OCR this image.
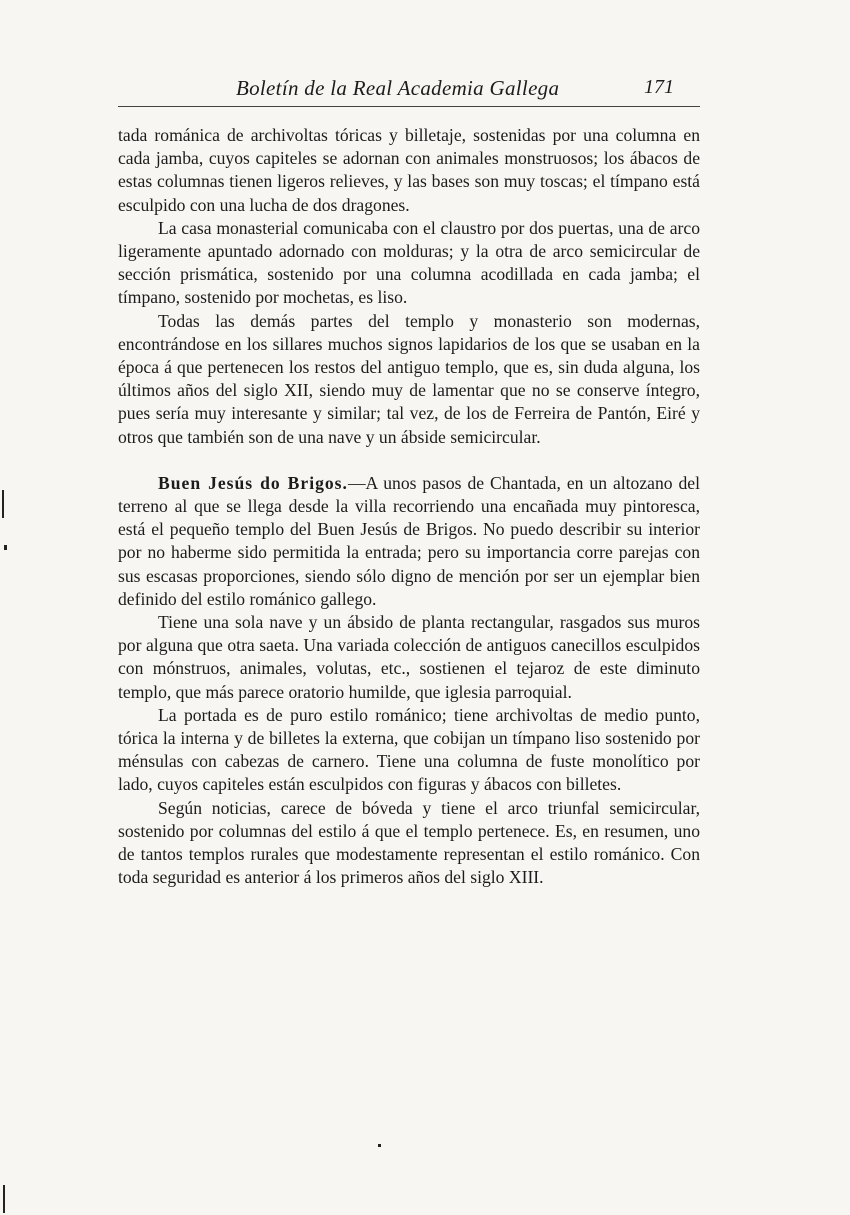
Boletín de la Real Academia Gallega	171

tada románica de archivoltas tóricas y billetaje, sostenidas por una columna en cada jamba, cuyos capiteles se adornan con animales monstruosos; los ábacos de estas columnas tienen ligeros relieves, y las bases son muy toscas; el tímpano está esculpido con una lucha de dos dragones.

La casa monasterial comunicaba con el claustro por dos puertas, una de arco ligeramente apuntado adornado con molduras; y la otra de arco semicircular de sección prismática, sostenido por una columna acodillada en cada jamba; el tímpano, sostenido por mochetas, es liso.

Todas las demás partes del templo y monasterio son modernas, encontrándose en los sillares muchos signos lapidarios de los que se usaban en la época á que pertenecen los restos del antiguo templo, que es, sin duda alguna, los últimos años del siglo XII, siendo muy de lamentar que no se conserve íntegro, pues sería muy interesante y similar; tal vez, de los de Ferreira de Pantón, Eiré y otros que también son de una nave y un ábside semicircular.

Buen Jesús do Brigos.—A unos pasos de Chantada, en un altozano del terreno al que se llega desde la villa recorriendo una encañada muy pintoresca, está el pequeño templo del Buen Jesús de Brigos. No puedo describir su interior por no haberme sido permitida la entrada; pero su importancia corre parejas con sus escasas proporciones, siendo sólo digno de mención por ser un ejemplar bien definido del estilo románico gallego.

Tiene una sola nave y un ábsido de planta rectangular, rasgados sus muros por alguna que otra saeta. Una variada colección de antiguos canecillos esculpidos con mónstruos, animales, volutas, etc., sostienen el tejaroz de este diminuto templo, que más parece oratorio humilde, que iglesia parroquial.

La portada es de puro estilo románico; tiene archivoltas de medio punto, tórica la interna y de billetes la externa, que cobijan un tímpano liso sostenido por ménsulas con cabezas de carnero. Tiene una columna de fuste monolítico por lado, cuyos capiteles están esculpidos con figuras y ábacos con billetes.

Según noticias, carece de bóveda y tiene el arco triunfal semicircular, sostenido por columnas del estilo á que el templo pertenece. Es, en resumen, uno de tantos templos rurales que modestamente representan el estilo románico. Con toda seguridad es anterior á los primeros años del siglo XIII.
